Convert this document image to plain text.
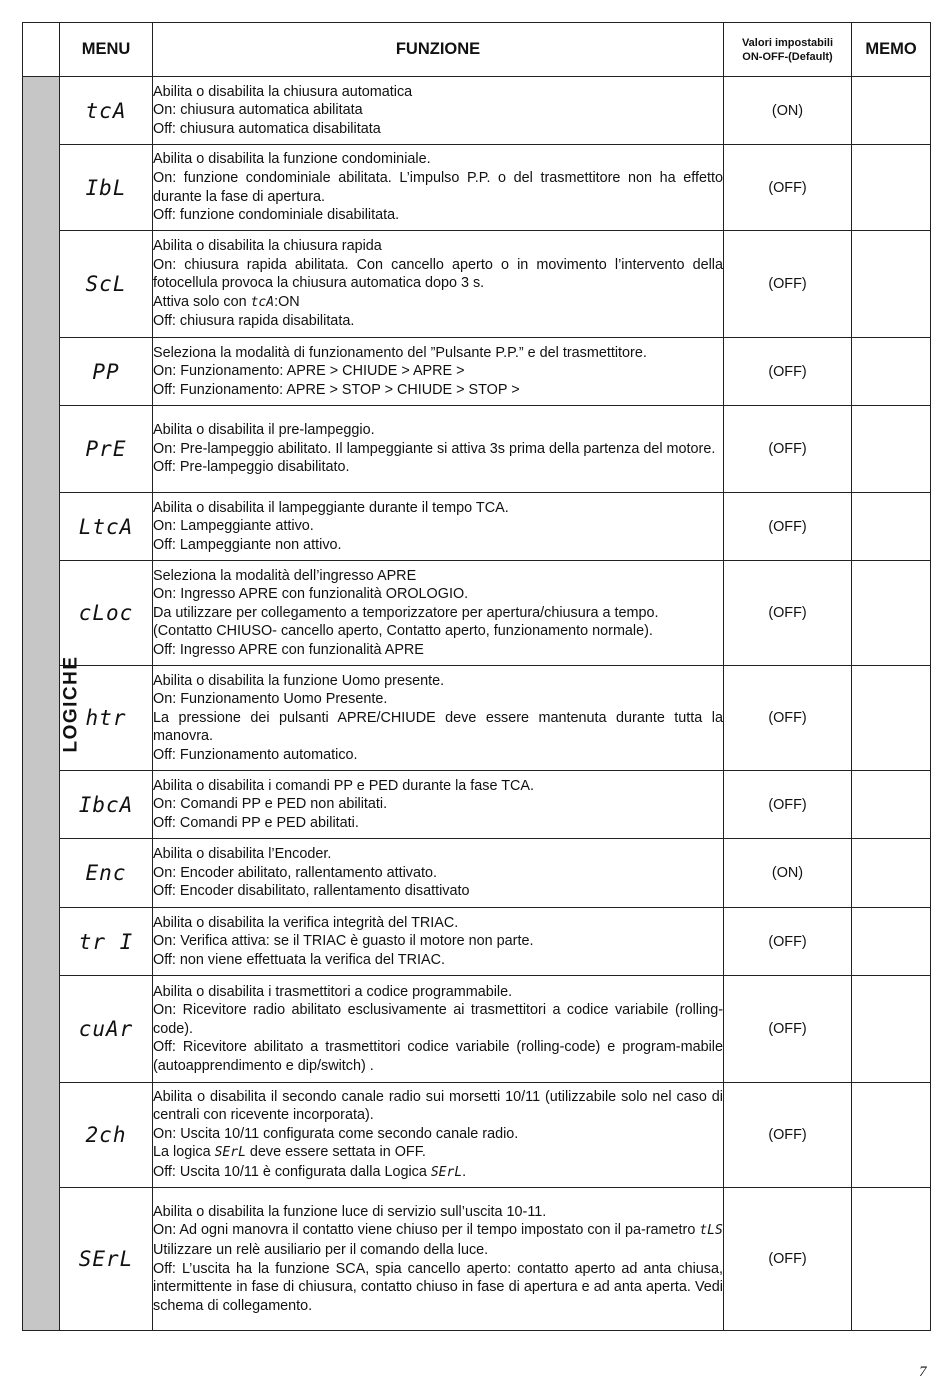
	MENU	FUNZIONE	Valori impostabili
ON-OFF-(Default)	MEMO
LOGICHE	tcA	Abilita o disabilita la chiusura automatica
On: chiusura automatica abilitata
Off: chiusura automatica disabilitata	(ON)	
	IbL	Abilita o disabilita la funzione condominiale.
On: funzione condominiale abilitata. L’impulso P.P. o del trasmettitore non ha effetto durante la fase di apertura.
Off: funzione condominiale disabilitata.	(OFF)	
	ScL	Abilita o disabilita la chiusura rapida
On: chiusura rapida abilitata. Con cancello aperto o in movimento l’intervento della fotocellula provoca la chiusura automatica dopo 3 s.
Attiva solo con tcA:ON
Off: chiusura rapida disabilitata.	(OFF)	
	PP	Seleziona la modalità di funzionamento del ”Pulsante P.P.” e del trasmettitore.
On: Funzionamento: APRE > CHIUDE > APRE >
Off: Funzionamento: APRE > STOP > CHIUDE > STOP >	(OFF)	
	PrE	Abilita o disabilita il pre-lampeggio.
On: Pre-lampeggio abilitato. Il lampeggiante si attiva 3s prima della partenza del motore.
Off: Pre-lampeggio disabilitato.	(OFF)	
	LtcA	Abilita o disabilita il lampeggiante durante il tempo TCA.
On: Lampeggiante attivo.
Off: Lampeggiante non attivo.	(OFF)	
	cLoc	Seleziona la modalità dell’ingresso APRE
On: Ingresso APRE con funzionalità OROLOGIO.
Da utilizzare per collegamento a temporizzatore per apertura/chiusura a tempo.
(Contatto CHIUSO- cancello aperto, Contatto aperto, funzionamento normale).
Off: Ingresso APRE con funzionalità APRE	(OFF)	
	htr	Abilita o disabilita la funzione Uomo presente.
On: Funzionamento Uomo Presente.
La pressione dei pulsanti APRE/CHIUDE deve essere mantenuta durante tutta la manovra.
Off: Funzionamento automatico.	(OFF)	
	IbcA	Abilita o disabilita i comandi PP e PED durante la fase TCA.
On: Comandi PP e PED non abilitati.
Off: Comandi PP e PED abilitati.	(OFF)	
	Enc	Abilita o disabilita l’Encoder.
On: Encoder abilitato, rallentamento attivato.
Off: Encoder disabilitato, rallentamento disattivato	(ON)	
	tr I	Abilita o disabilita la verifica integrità del TRIAC.
On: Verifica attiva: se il TRIAC è guasto il motore non parte.
Off: non viene effettuata la verifica del TRIAC.	(OFF)	
	cuAr	Abilita o disabilita i trasmettitori a codice programmabile.
On: Ricevitore radio abilitato esclusivamente ai trasmettitori a codice variabile (rolling-code).
Off: Ricevitore abilitato a trasmettitori codice variabile (rolling-code) e program-mabile (autoapprendimento e dip/switch) .	(OFF)	
	2ch	Abilita o disabilita il secondo canale radio sui morsetti 10/11 (utilizzabile solo nel caso di centrali con ricevente incorporata).
On: Uscita 10/11 configurata come secondo canale radio.
La logica SErL deve essere settata in OFF.
Off: Uscita 10/11 è configurata dalla Logica SErL.	(OFF)	
	SErL	Abilita o disabilita la funzione luce di servizio sull’uscita 10-11.
On: Ad ogni manovra il contatto viene chiuso per il tempo impostato con il pa-rametro tLS
Utilizzare un relè ausiliario per il comando della luce.
Off: L’uscita ha la funzione SCA, spia cancello aperto: contatto aperto ad anta chiusa, intermittente in fase di chiusura, contatto chiuso in fase di apertura e ad anta aperta. Vedi schema di collegamento.	(OFF)	
7
